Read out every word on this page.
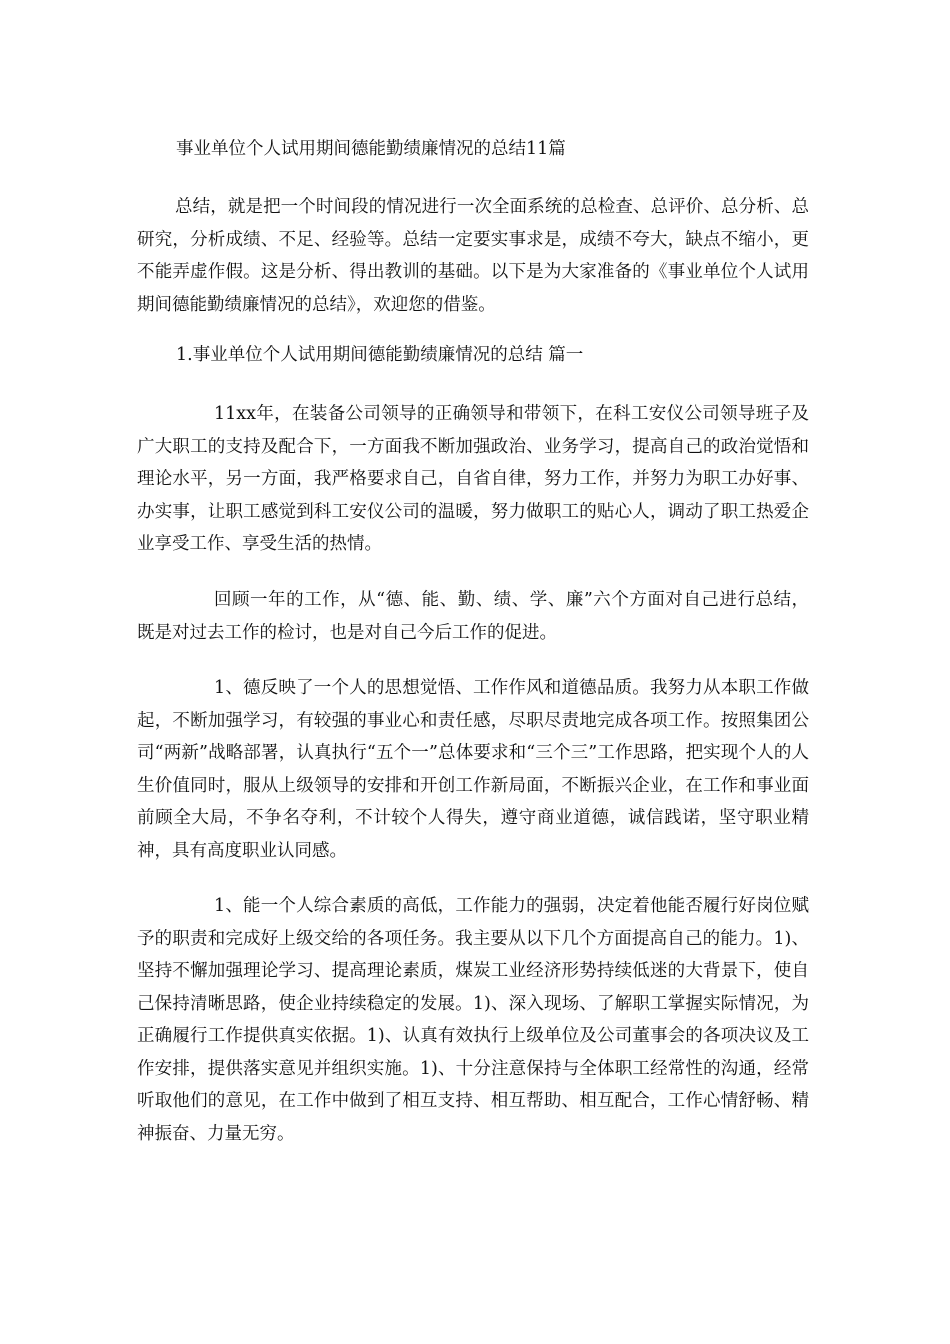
事业单位个人试用期间德能勤绩廉情况的总结11篇

总结，就是把一个时间段的情况进行一次全面系统的总检查、总评价、总分析、总研究，分析成绩、不足、经验等。总结一定要实事求是，成绩不夸大，缺点不缩小，更不能弄虚作假。这是分析、得出教训的基础。以下是为大家准备的《事业单位个人试用期间德能勤绩廉情况的总结》，欢迎您的借鉴。

1.事业单位个人试用期间德能勤绩廉情况的总结 篇一

11xx年，在装备公司领导的正确领导和带领下，在科工安仪公司领导班子及广大职工的支持及配合下，一方面我不断加强政治、业务学习，提高自己的政治觉悟和理论水平，另一方面，我严格要求自己，自省自律，努力工作，并努力为职工办好事、办实事，让职工感觉到科工安仪公司的温暖，努力做职工的贴心人，调动了职工热爱企业享受工作、享受生活的热情。

回顾一年的工作，从“德、能、勤、绩、学、廉”六个方面对自己进行总结，既是对过去工作的检讨，也是对自己今后工作的促进。

1、德反映了一个人的思想觉悟、工作作风和道德品质。我努力从本职工作做起，不断加强学习，有较强的事业心和责任感，尽职尽责地完成各项工作。按照集团公司“两新”战略部署，认真执行“五个一”总体要求和“三个三”工作思路，把实现个人的人生价值同时，服从上级领导的安排和开创工作新局面，不断振兴企业，在工作和事业面前顾全大局，不争名夺利，不计较个人得失，遵守商业道德，诚信践诺，坚守职业精神，具有高度职业认同感。

1、能一个人综合素质的高低，工作能力的强弱，决定着他能否履行好岗位赋予的职责和完成好上级交给的各项任务。我主要从以下几个方面提高自己的能力。1)、坚持不懈加强理论学习、提高理论素质，煤炭工业经济形势持续低迷的大背景下，使自己保持清晰思路，使企业持续稳定的发展。1)、深入现场、了解职工掌握实际情况，为正确履行工作提供真实依据。1)、认真有效执行上级单位及公司董事会的各项决议及工作安排，提供落实意见并组织实施。1)、十分注意保持与全体职工经常性的沟通，经常听取他们的意见，在工作中做到了相互支持、相互帮助、相互配合，工作心情舒畅、精神振奋、力量无穷。
